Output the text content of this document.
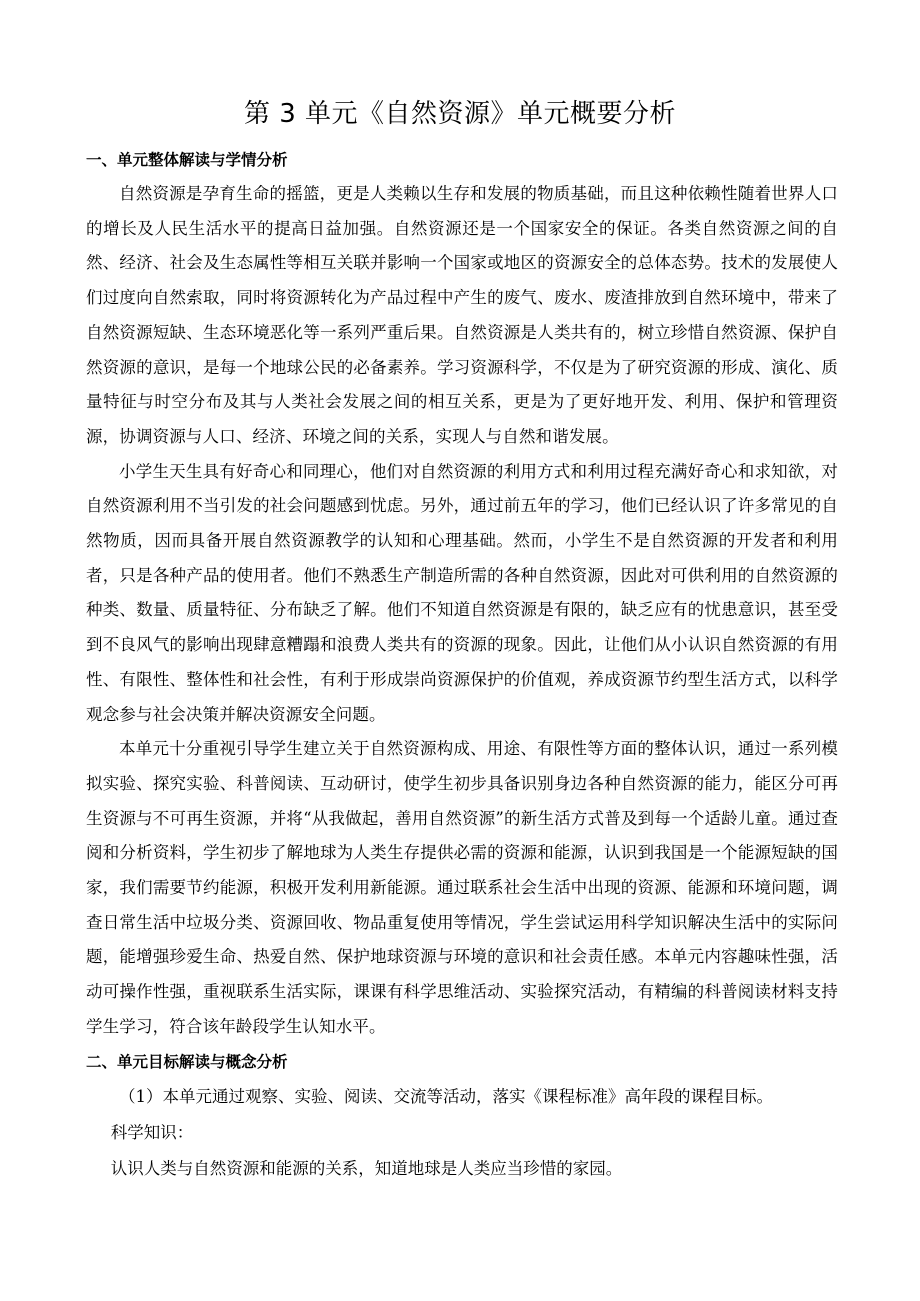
第 3 单元《自然资源》单元概要分析

一、单元整体解读与学情分析

自然资源是孕育生命的摇篮，更是人类赖以生存和发展的物质基础，而且这种依赖性随着世界人口的增长及人民生活水平的提高日益加强。自然资源还是一个国家安全的保证。各类自然资源之间的自然、经济、社会及生态属性等相互关联并影响一个国家或地区的资源安全的总体态势。技术的发展使人们过度向自然索取，同时将资源转化为产品过程中产生的废气、废水、废渣排放到自然环境中，带来了自然资源短缺、生态环境恶化等一系列严重后果。自然资源是人类共有的，树立珍惜自然资源、保护自然资源的意识，是每一个地球公民的必备素养。学习资源科学，不仅是为了研究资源的形成、演化、质量特征与时空分布及其与人类社会发展之间的相互关系，更是为了更好地开发、利用、保护和管理资源，协调资源与人口、经济、环境之间的关系，实现人与自然和谐发展。

小学生天生具有好奇心和同理心，他们对自然资源的利用方式和利用过程充满好奇心和求知欲，对自然资源利用不当引发的社会问题感到忧虑。另外，通过前五年的学习，他们已经认识了许多常见的自然物质，因而具备开展自然资源教学的认知和心理基础。然而，小学生不是自然资源的开发者和利用者，只是各种产品的使用者。他们不熟悉生产制造所需的各种自然资源，因此对可供利用的自然资源的种类、数量、质量特征、分布缺乏了解。他们不知道自然资源是有限的，缺乏应有的忧患意识，甚至受到不良风气的影响出现肆意糟蹋和浪费人类共有的资源的现象。因此，让他们从小认识自然资源的有用性、有限性、整体性和社会性，有利于形成崇尚资源保护的价值观，养成资源节约型生活方式，以科学观念参与社会决策并解决资源安全问题。

本单元十分重视引导学生建立关于自然资源构成、用途、有限性等方面的整体认识，通过一系列模拟实验、探究实验、科普阅读、互动研讨，使学生初步具备识别身边各种自然资源的能力，能区分可再生资源与不可再生资源，并将“从我做起，善用自然资源”的新生活方式普及到每一个适龄儿童。通过查阅和分析资料，学生初步了解地球为人类生存提供必需的资源和能源，认识到我国是一个能源短缺的国家，我们需要节约能源，积极开发利用新能源。通过联系社会生活中出现的资源、能源和环境问题，调查日常生活中垃圾分类、资源回收、物品重复使用等情况，学生尝试运用科学知识解决生活中的实际问题，能增强珍爱生命、热爱自然、保护地球资源与环境的意识和社会责任感。本单元内容趣味性强，活动可操作性强，重视联系生活实际，课课有科学思维活动、实验探究活动，有精编的科普阅读材料支持学生学习，符合该年龄段学生认知水平。

二、单元目标解读与概念分析

（1）本单元通过观察、实验、阅读、交流等活动，落实《课程标准》高年段的课程目标。

科学知识：

认识人类与自然资源和能源的关系，知道地球是人类应当珍惜的家园。
